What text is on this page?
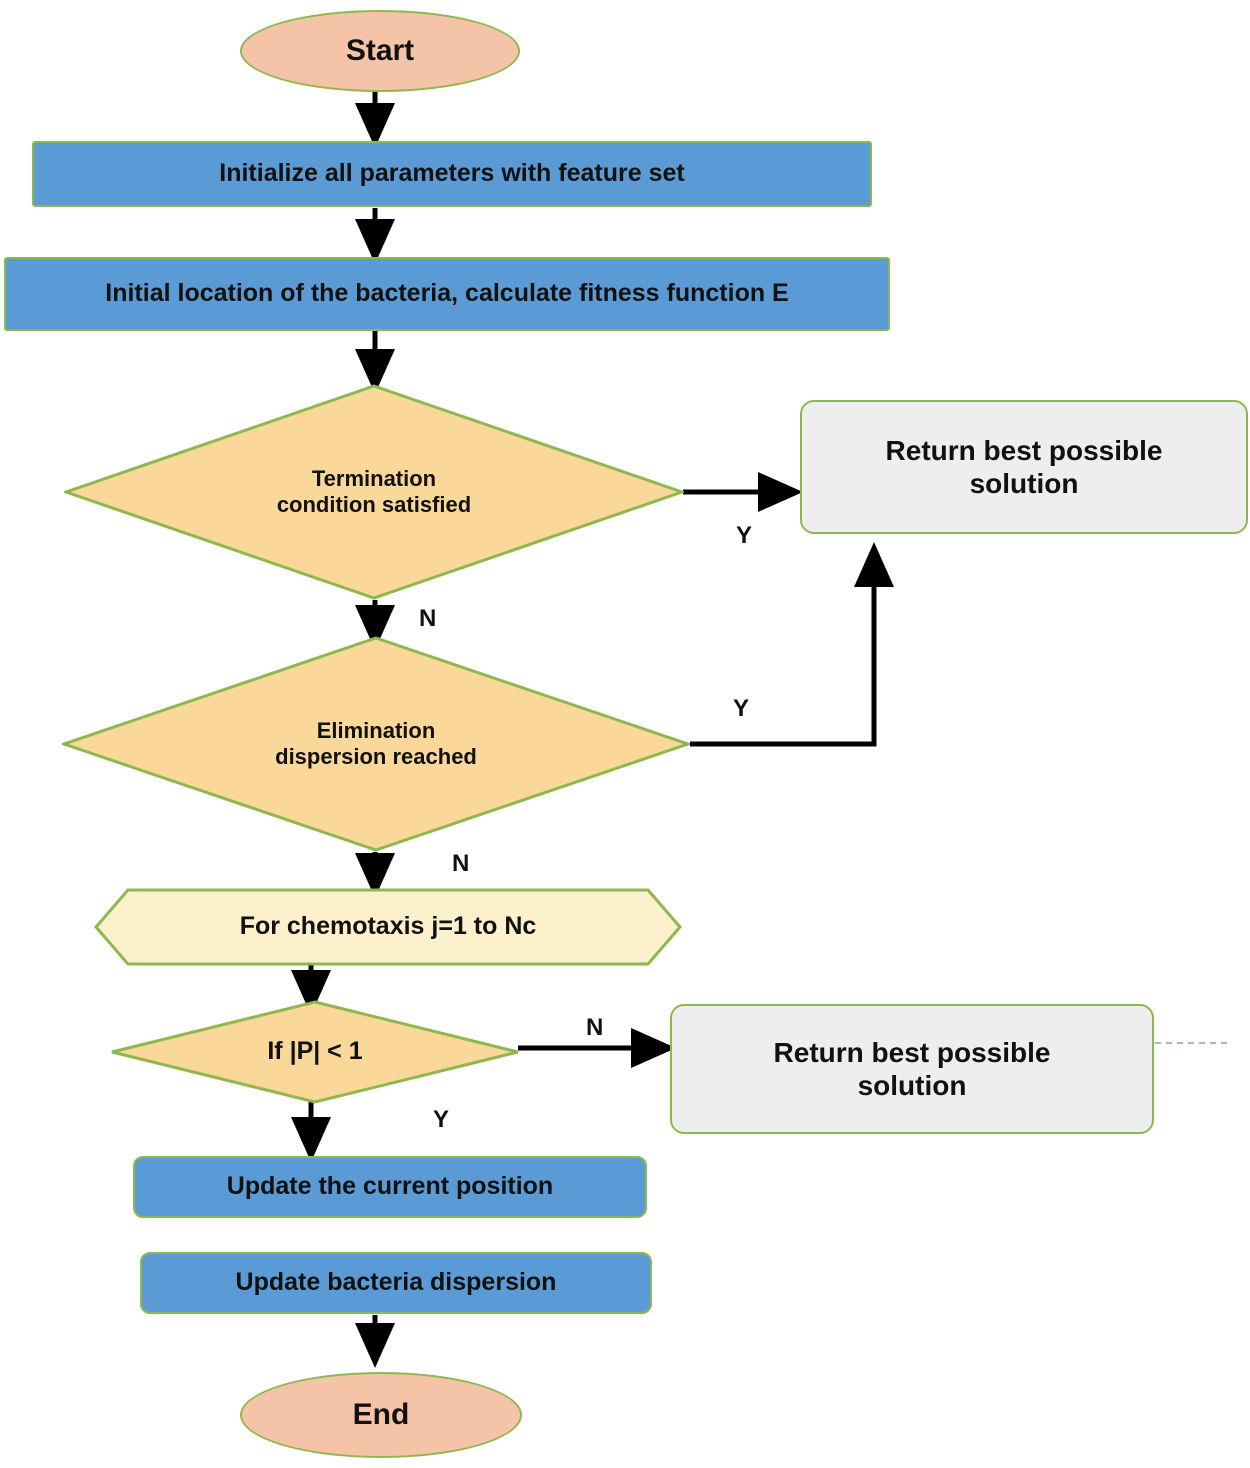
Start
Initialize all parameters with feature set
Initial location of the bacteria, calculate fitness function E
Termination
condition satisfied
Return best possible
solution
Elimination
dispersion reached
For chemotaxis j=1 to Nc
If |P| < 1	Return best possible
solution
Update the current position
Update bacteria dispersion
End
Y
N
Y
N
N
Y
